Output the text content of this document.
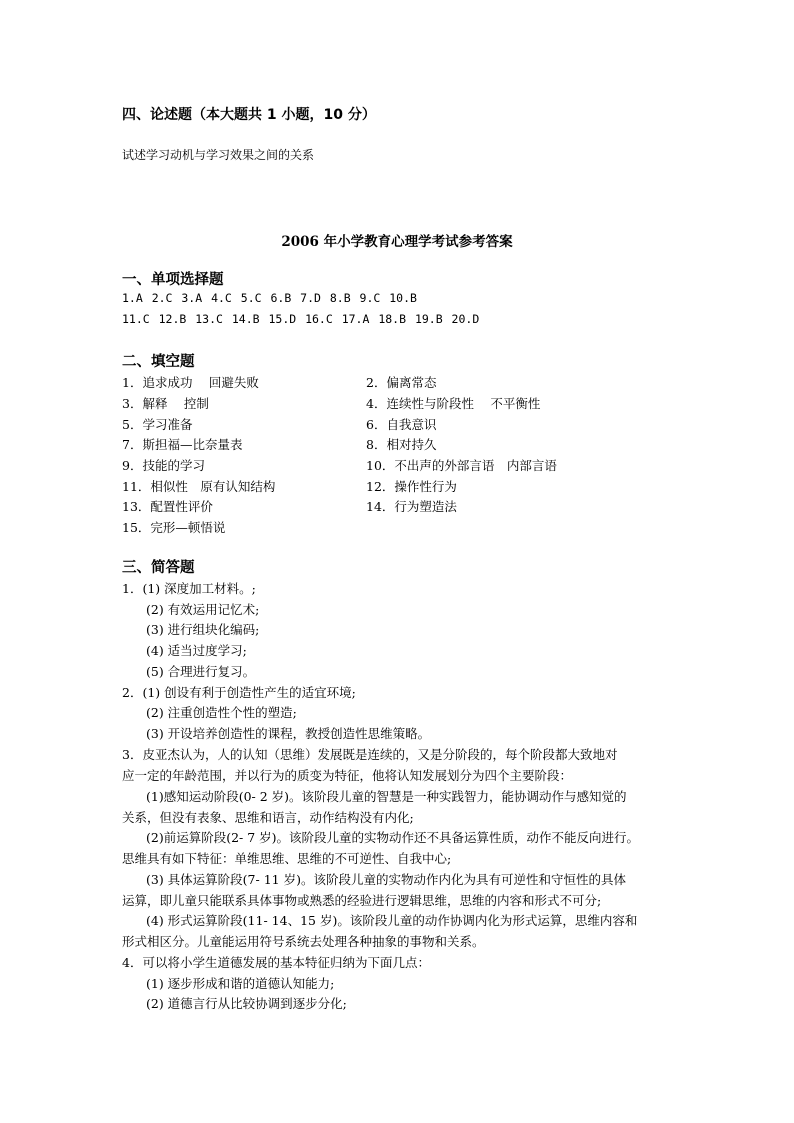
四、论述题（本大题共 1 小题，10 分）
试述学习动机与学习效果之间的关系
2006 年小学教育心理学考试参考答案
一、单项选择题
1.A 2.C 3.A 4.C 5.C 6.B 7.D 8.B 9.C 10.B
11.C 12.B 13.C 14.B 15.D 16.C 17.A 18.B 19.B 20.D
二、填空题
1．追求成功　 回避失败	2．偏离常态
3．解释　 控制	4．连续性与阶段性　 不平衡性
5．学习准备	6．自我意识
7．斯担福—比奈量表	8．相对持久
9．技能的学习	10．不出声的外部言语　内部言语
11．相似性　原有认知结构	12．操作性行为
13．配置性评价	14．行为塑造法
15．完形—顿悟说
三、简答题
1．(1) 深度加工材料。;
(2) 有效运用记忆术;
(3) 进行组块化编码;
(4) 适当过度学习;
(5) 合理进行复习。
2．(1) 创设有利于创造性产生的适宜环境;
(2) 注重创造性个性的塑造;
(3) 开设培养创造性的课程，教授创造性思维策略。
3．皮亚杰认为，人的认知（思维）发展既是连续的，又是分阶段的，每个阶段都大致地对
应一定的年龄范围，并以行为的质变为特征，他将认知发展划分为四个主要阶段：
(1)感知运动阶段(0- 2 岁)。该阶段儿童的智慧是一种实践智力，能协调动作与感知觉的
关系，但没有表象、思维和语言，动作结构没有内化;
(2)前运算阶段(2- 7 岁)。该阶段儿童的实物动作还不具备运算性质，动作不能反向进行。
思维具有如下特征：单维思维、思维的不可逆性、自我中心;
(3) 具体运算阶段(7- 11 岁)。该阶段儿童的实物动作内化为具有可逆性和守恒性的具体
运算，即儿童只能联系具体事物或熟悉的经验进行逻辑思维，思维的内容和形式不可分;
(4) 形式运算阶段(11- 14、15 岁)。该阶段儿童的动作协调内化为形式运算，思维内容和
形式相区分。儿童能运用符号系统去处理各种抽象的事物和关系。
4．可以将小学生道德发展的基本特征归纳为下面几点：
(1) 逐步形成和谐的道德认知能力;
(2) 道德言行从比较协调到逐步分化;
